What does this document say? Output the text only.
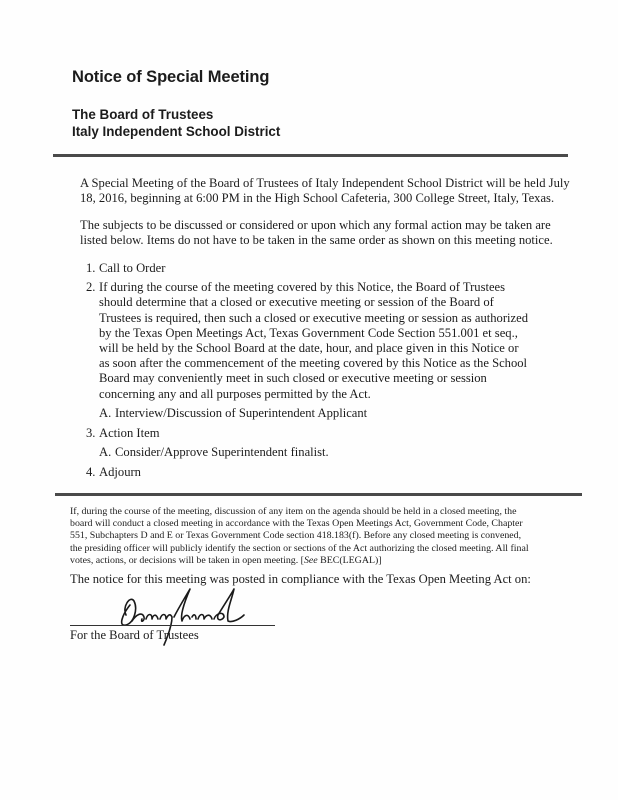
Notice of Special Meeting
The Board of Trustees
Italy Independent School District

A Special Meeting of the Board of Trustees of Italy Independent School District will be held July
18, 2016, beginning at 6:00 PM in the High School Cafeteria, 300 College Street, Italy, Texas.

The subjects to be discussed or considered or upon which any formal action may be taken are
listed below. Items do not have to be taken in the same order as shown on this meeting notice.

1. Call to Order
2. If during the course of the meeting covered by this Notice, the Board of Trustees
should determine that a closed or executive meeting or session of the Board of
Trustees is required, then such a closed or executive meeting or session as authorized
by the Texas Open Meetings Act, Texas Government Code Section 551.001 et seq.,
will be held by the School Board at the date, hour, and place given in this Notice or
as soon after the commencement of the meeting covered by this Notice as the School
Board may conveniently meet in such closed or executive meeting or session
concerning any and all purposes permitted by the Act.
A. Interview/Discussion of Superintendent Applicant
3. Action Item
A. Consider/Approve Superintendent finalist.
4. Adjourn

If, during the course of the meeting, discussion of any item on the agenda should be held in a closed meeting, the
board will conduct a closed meeting in accordance with the Texas Open Meetings Act, Government Code, Chapter
551, Subchapters D and E or Texas Government Code section 418.183(f). Before any closed meeting is convened,
the presiding officer will publicly identify the section or sections of the Act authorizing the closed meeting. All final
votes, actions, or decisions will be taken in open meeting. [See BEC(LEGAL)]

The notice for this meeting was posted in compliance with the Texas Open Meeting Act on:

For the Board of Trustees
